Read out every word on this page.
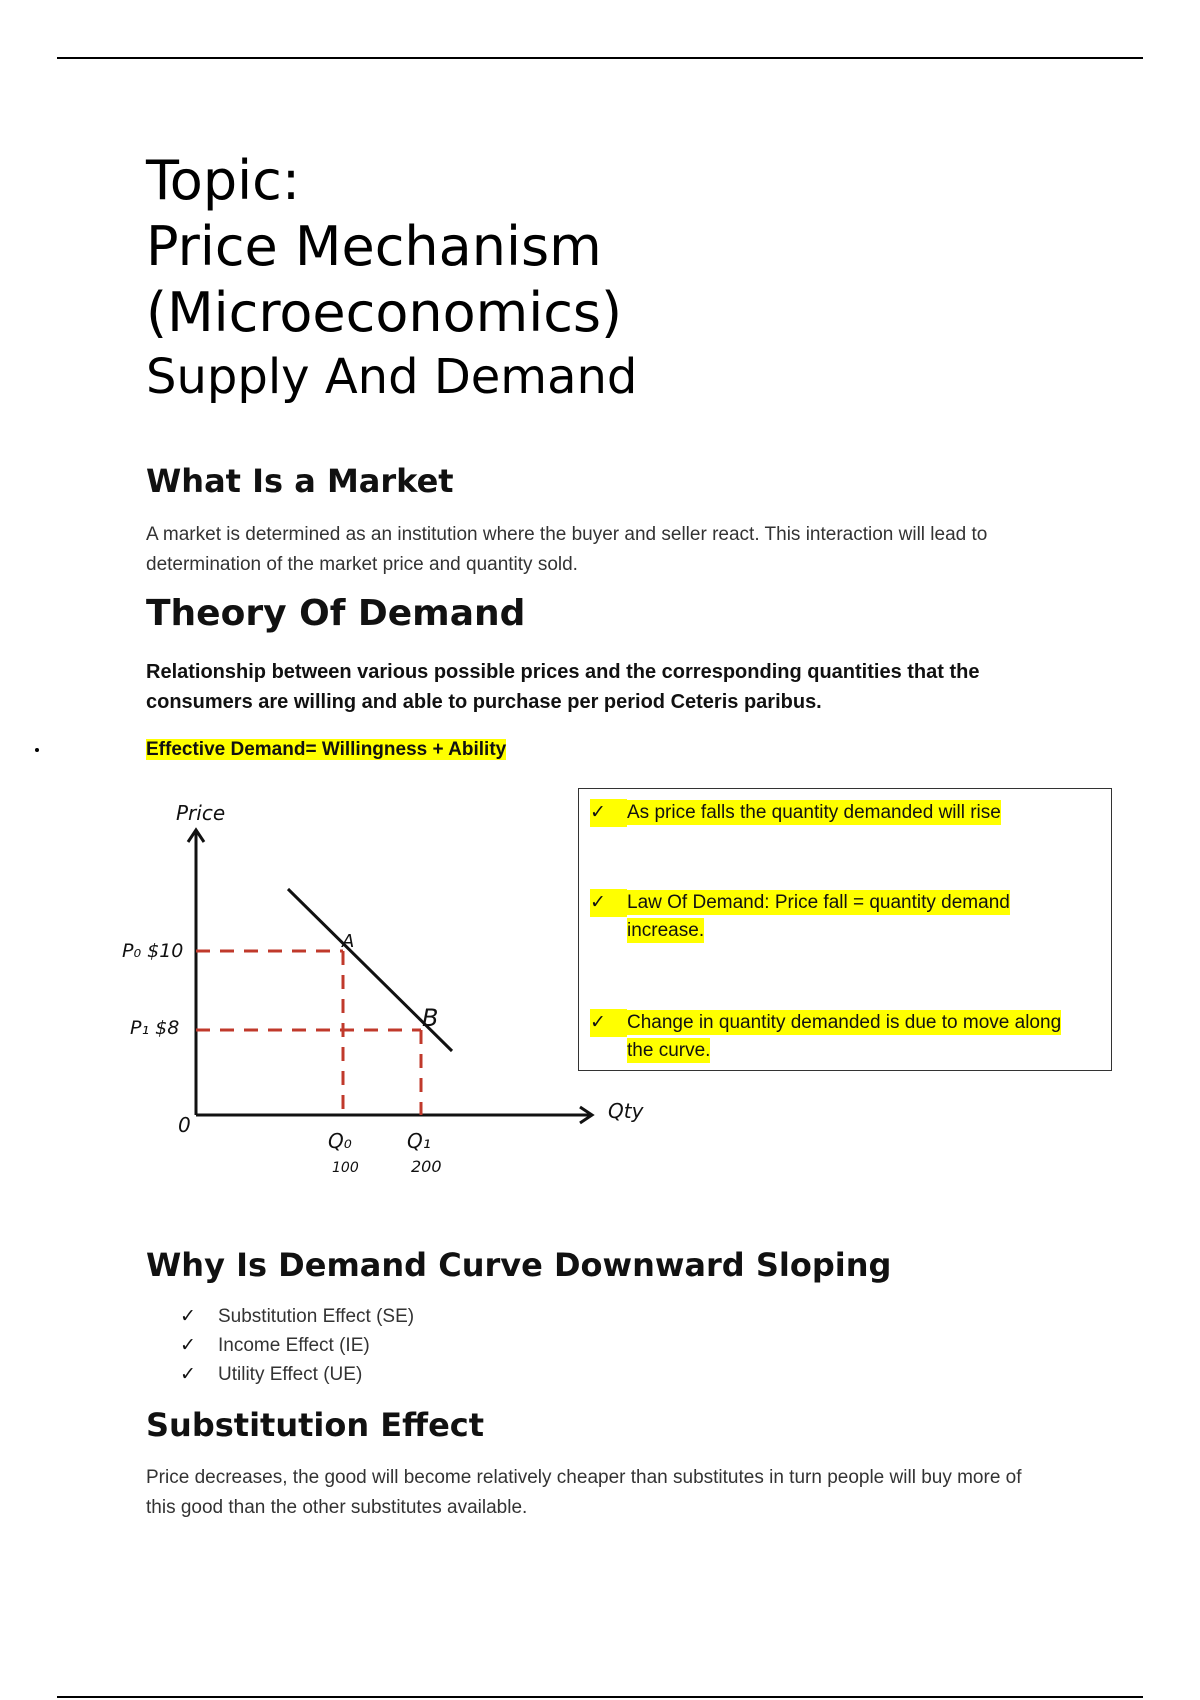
Topic:
Price Mechanism
(Microeconomics)
Supply And Demand
What Is a Market
A market is determined as an institution where the buyer and seller react. This interaction will lead to determination of the market price and quantity sold.
Theory Of Demand
Relationship between various possible prices and the corresponding quantities that the consumers are willing and able to purchase per period Ceteris paribus.
Effective Demand= Willingness + Ability
Price
Qty
0
P₀ $10
P₁ $8
A
B
Q₀	Q₁
100	200
✓	As price falls the quantity demanded will rise
✓	Law Of Demand: Price fall = quantity demand increase.
✓	Change in quantity demanded is due to move along the curve.
Why Is Demand Curve Downward Sloping
✓ Substitution Effect (SE)
✓ Income Effect (IE)
✓ Utility Effect (UE)
Substitution Effect
Price decreases, the good will become relatively cheaper than substitutes in turn people will buy more of this good than the other substitutes available.
